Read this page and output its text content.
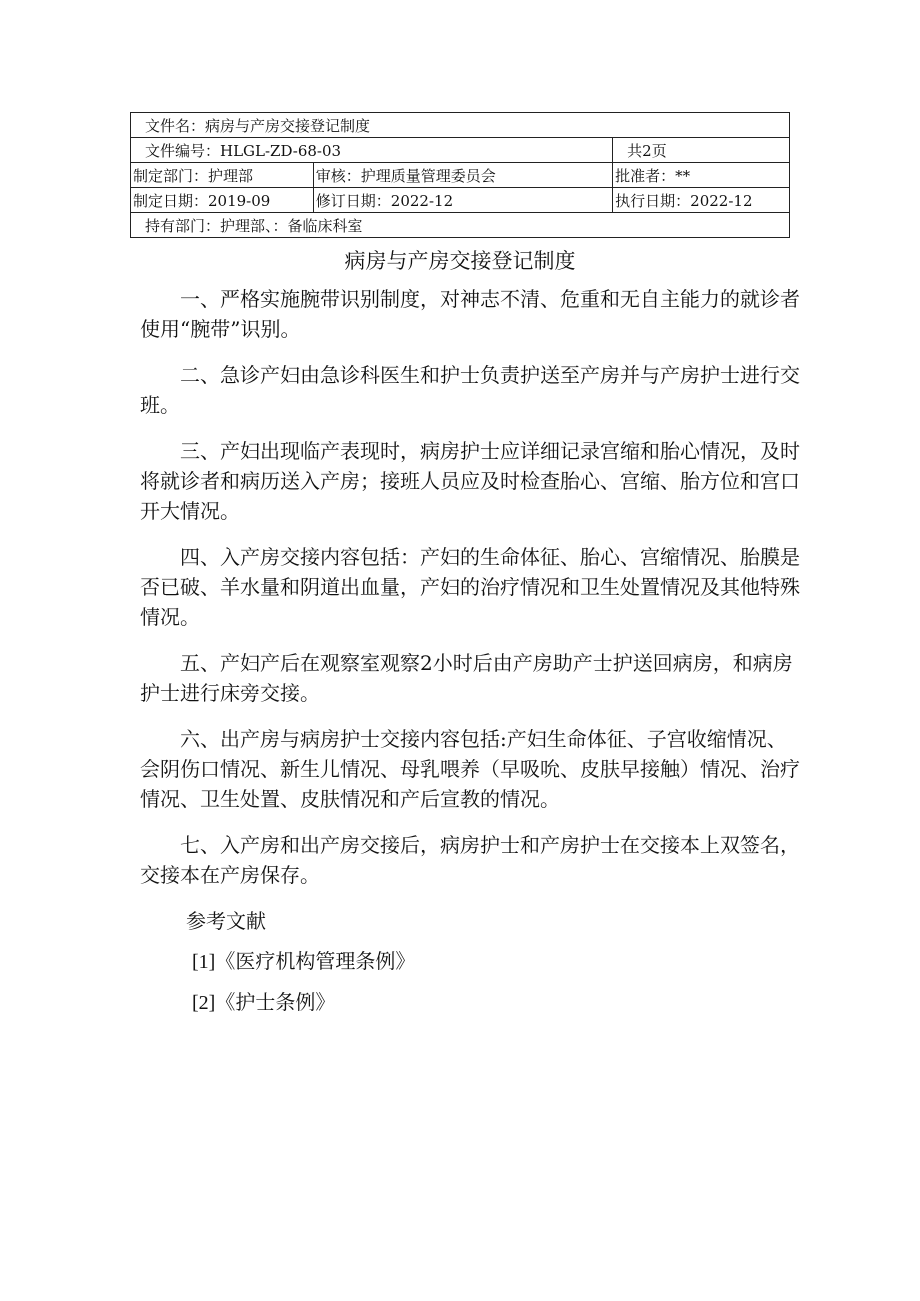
文件名：病房与产房交接登记制度		
文件编号：HLGL-ZD-68-03		共2页
制定部门：护理部	审核：护理质量管理委员会	批准者：**
制定日期：2019-09	修订日期：2022-12	执行日期：2022-12
持有部门：护理部、：备临床科室		
病房与产房交接登记制度

一、严格实施腕带识别制度，对神志不清、危重和无自主能力的就诊者使用“腕带”识别。

二、急诊产妇由急诊科医生和护士负责护送至产房并与产房护士进行交班。

三、产妇出现临产表现时，病房护士应详细记录宫缩和胎心情况，及时将就诊者和病历送入产房；接班人员应及时检查胎心、宫缩、胎方位和宫口开大情况。

四、入产房交接内容包括：产妇的生命体征、胎心、宫缩情况、胎膜是否已破、羊水量和阴道出血量，产妇的治疗情况和卫生处置情况及其他特殊情况。

五、产妇产后在观察室观察2小时后由产房助产士护送回病房，和病房护士进行床旁交接。

六、出产房与病房护士交接内容包括:产妇生命体征、子宫收缩情况、会阴伤口情况、新生儿情况、母乳喂养（早吸吮、皮肤早接触）情况、治疗情况、卫生处置、皮肤情况和产后宣教的情况。

七、入产房和出产房交接后，病房护士和产房护士在交接本上双签名，交接本在产房保存。

参考文献

[1]《医疗机构管理条例》

[2]《护士条例》
